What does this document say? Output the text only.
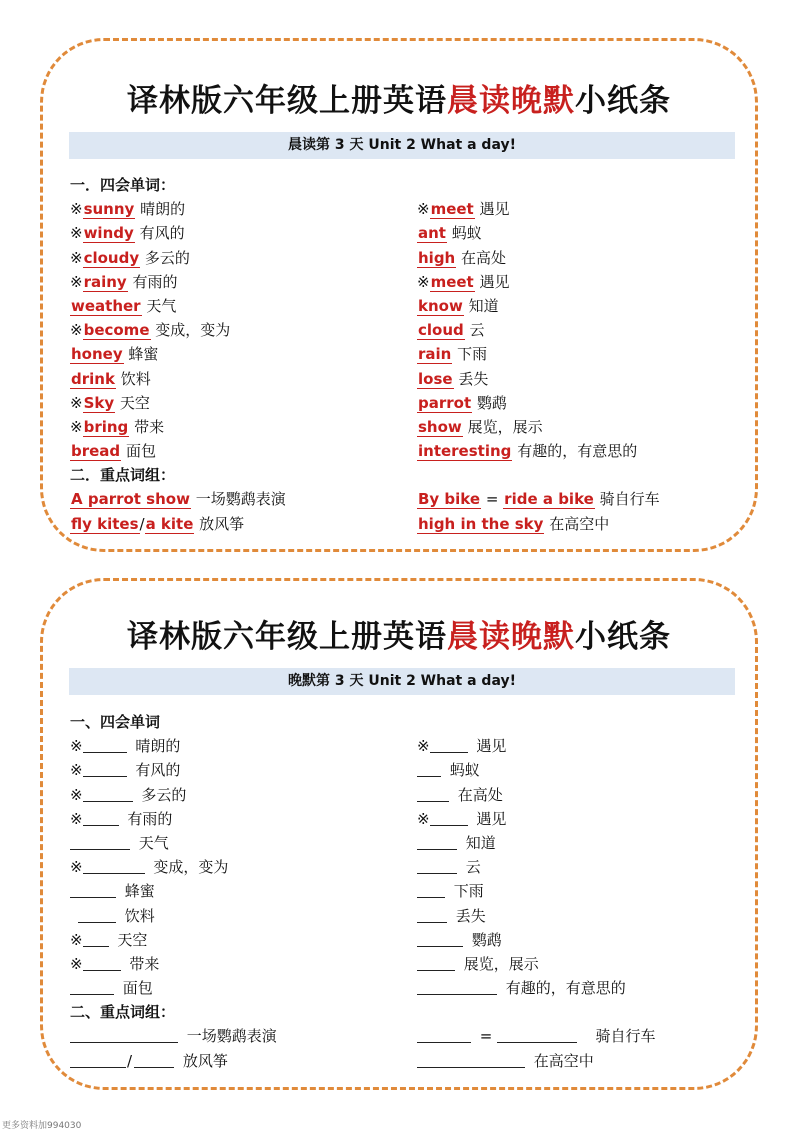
译林版六年级上册英语晨读晚默小纸条
晨读第 3 天 Unit 2 What a day!
一．四会单词：
※sunny 晴朗的
※windy 有风的
※cloudy 多云的
※rainy 有雨的
weather 天气
※become 变成，变为
honey 蜂蜜
drink 饮料
※Sky 天空
※bring 带来
bread 面包
二．重点词组：
A parrot show 一场鹦鹉表演
fly kites/a kite 放风筝
※meet 遇见
ant 蚂蚁
high 在高处
※meet 遇见
know 知道
cloud 云
rain 下雨
lose 丢失
parrot 鹦鹉
show 展览，展示
interesting 有趣的，有意思的
By bike = ride a bike 骑自行车
high in the sky 在高空中
译林版六年级上册英语晨读晚默小纸条
晚默第 3 天 Unit 2 What a day!
一、四会单词
※	晴朗的
※	有风的
※	多云的
※	有雨的
天气
※	变成，变为
蜂蜜
饮料
※ 天空
※	带来
面包
二、重点词组：
一场鹦鹉表演
/	放风筝
※	遇见
蚂蚁
在高处
※	遇见
知道
云
下雨
丢失
鹦鹉
展览，展示
有趣的，有意思的
=	骑自行车
在高空中
更多资料加994030
